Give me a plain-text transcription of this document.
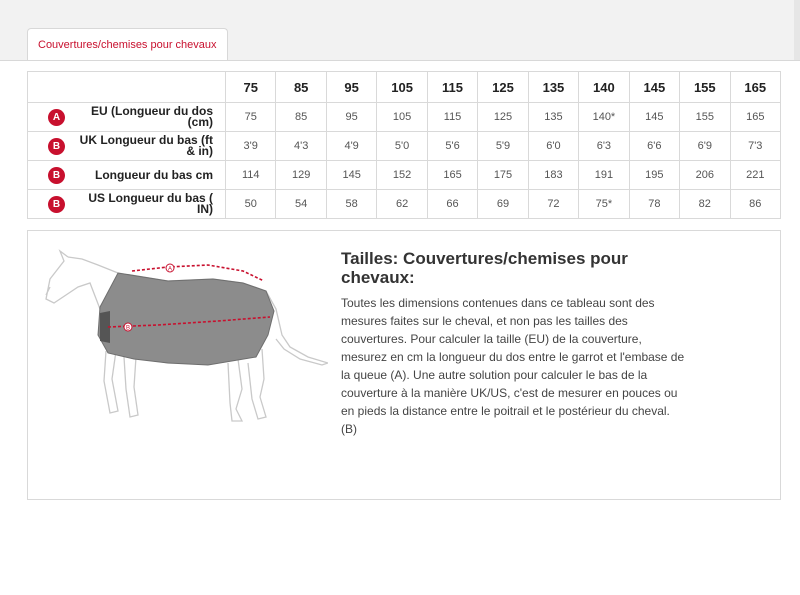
Couvertures/chemises pour chevaux
	75	85	95	105	115	125	135	140	145	155	165

A EU (Longueur du dos (cm)	75	85	95	105	115	125	135	140*	145	155	165

B UK Longueur du bas (ft & in)	3'9	4'3	4'9	5'0	5'6	5'9	6'0	6'3	6'6	6'9	7'3

B Longueur du bas cm	114	129	145	152	165	175	183	191	195	206	221

B US Longueur du bas ( IN)	50	54	58	62	66	69	72	75*	78	82	86
A
B
Tailles: Couvertures/chemises pour chevaux:
Toutes les dimensions contenues dans ce tableau sont des mesures faites sur le cheval, et non pas les tailles des couvertures. Pour calculer la taille (EU) de la couverture, mesurez en cm la longueur du dos entre le garrot et l'embase de la queue (A). Une autre solution pour calculer le bas de la couverture à la manière UK/US, c'est de mesurer en pouces ou en pieds la distance entre le poitrail et le postérieur du cheval. (B)
